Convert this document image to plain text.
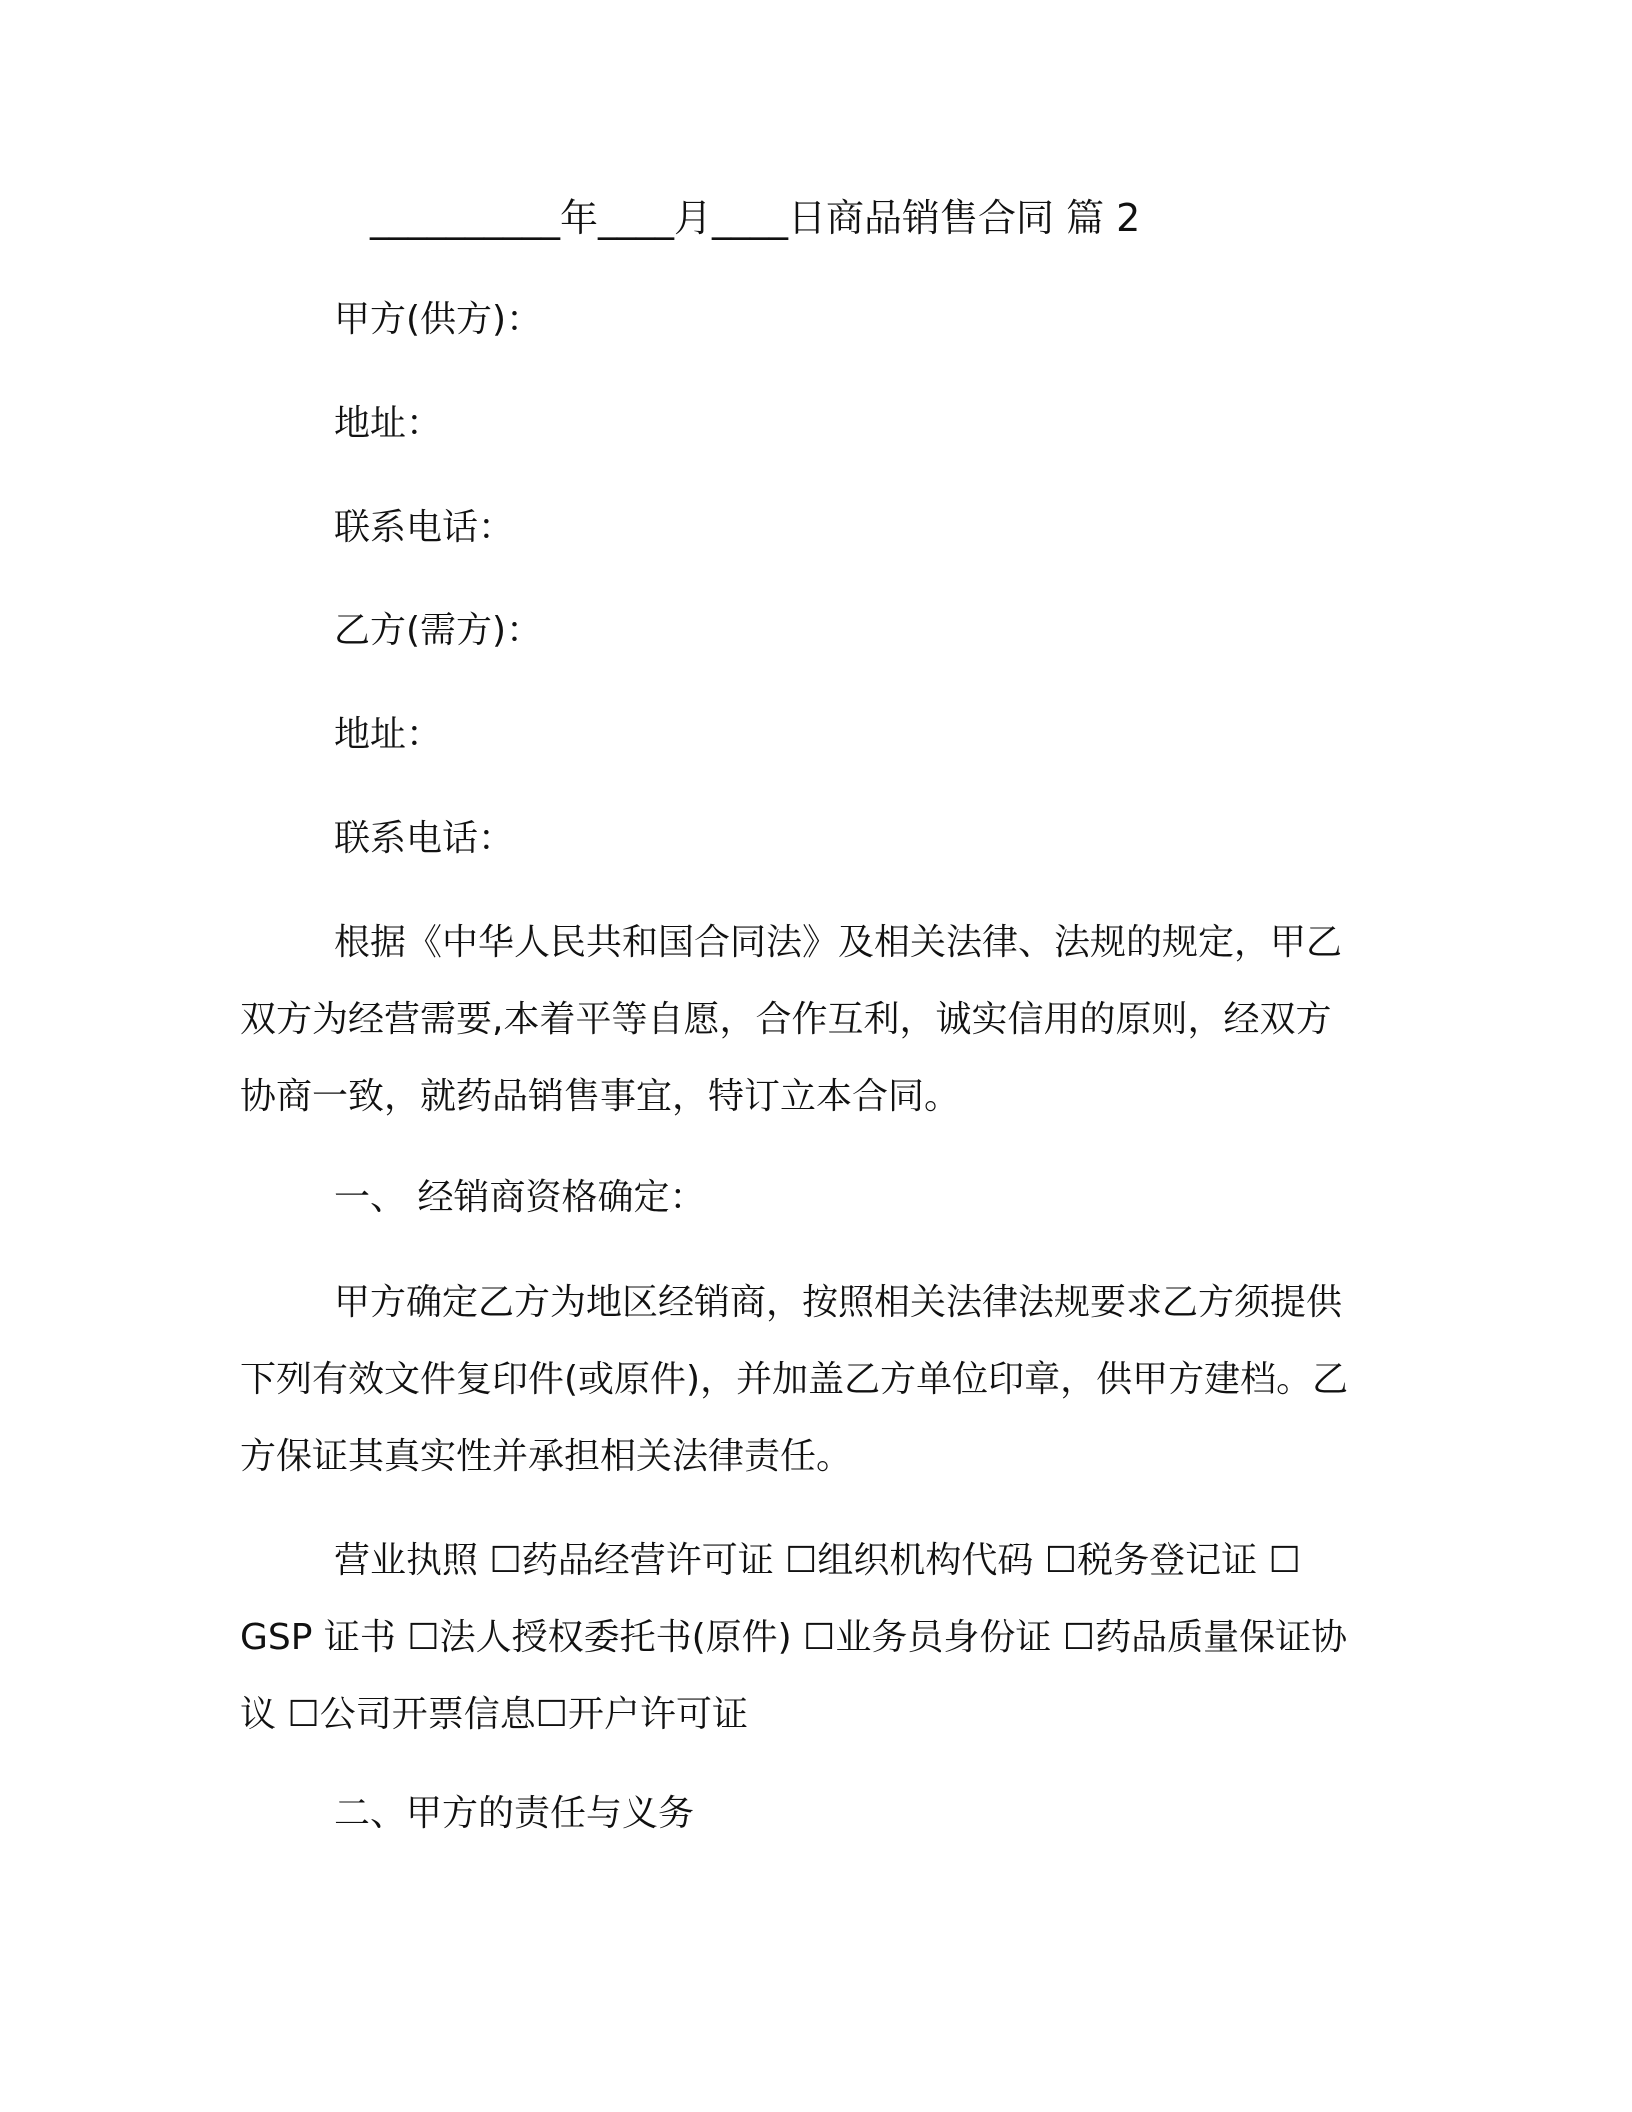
__________年____月____日商品销售合同 篇 2
甲方(供方)：
地址：
联系电话：
乙方(需方)：
地址：
联系电话：
根据《中华人民共和国合同法》及相关法律、法规的规定，甲乙
双方为经营需要,本着平等自愿，合作互利，诚实信用的原则，经双方
协商一致，就药品销售事宜，特订立本合同。
一、 经销商资格确定：
甲方确定乙方为地区经销商，按照相关法律法规要求乙方须提供
下列有效文件复印件(或原件)，并加盖乙方单位印章，供甲方建档。乙
方保证其真实性并承担相关法律责任。
营业执照 ☐药品经营许可证 ☐组织机构代码 ☐税务登记证 ☐
GSP 证书 ☐法人授权委托书(原件) ☐业务员身份证 ☐药品质量保证协
议 ☐公司开票信息☐开户许可证
二、甲方的责任与义务
